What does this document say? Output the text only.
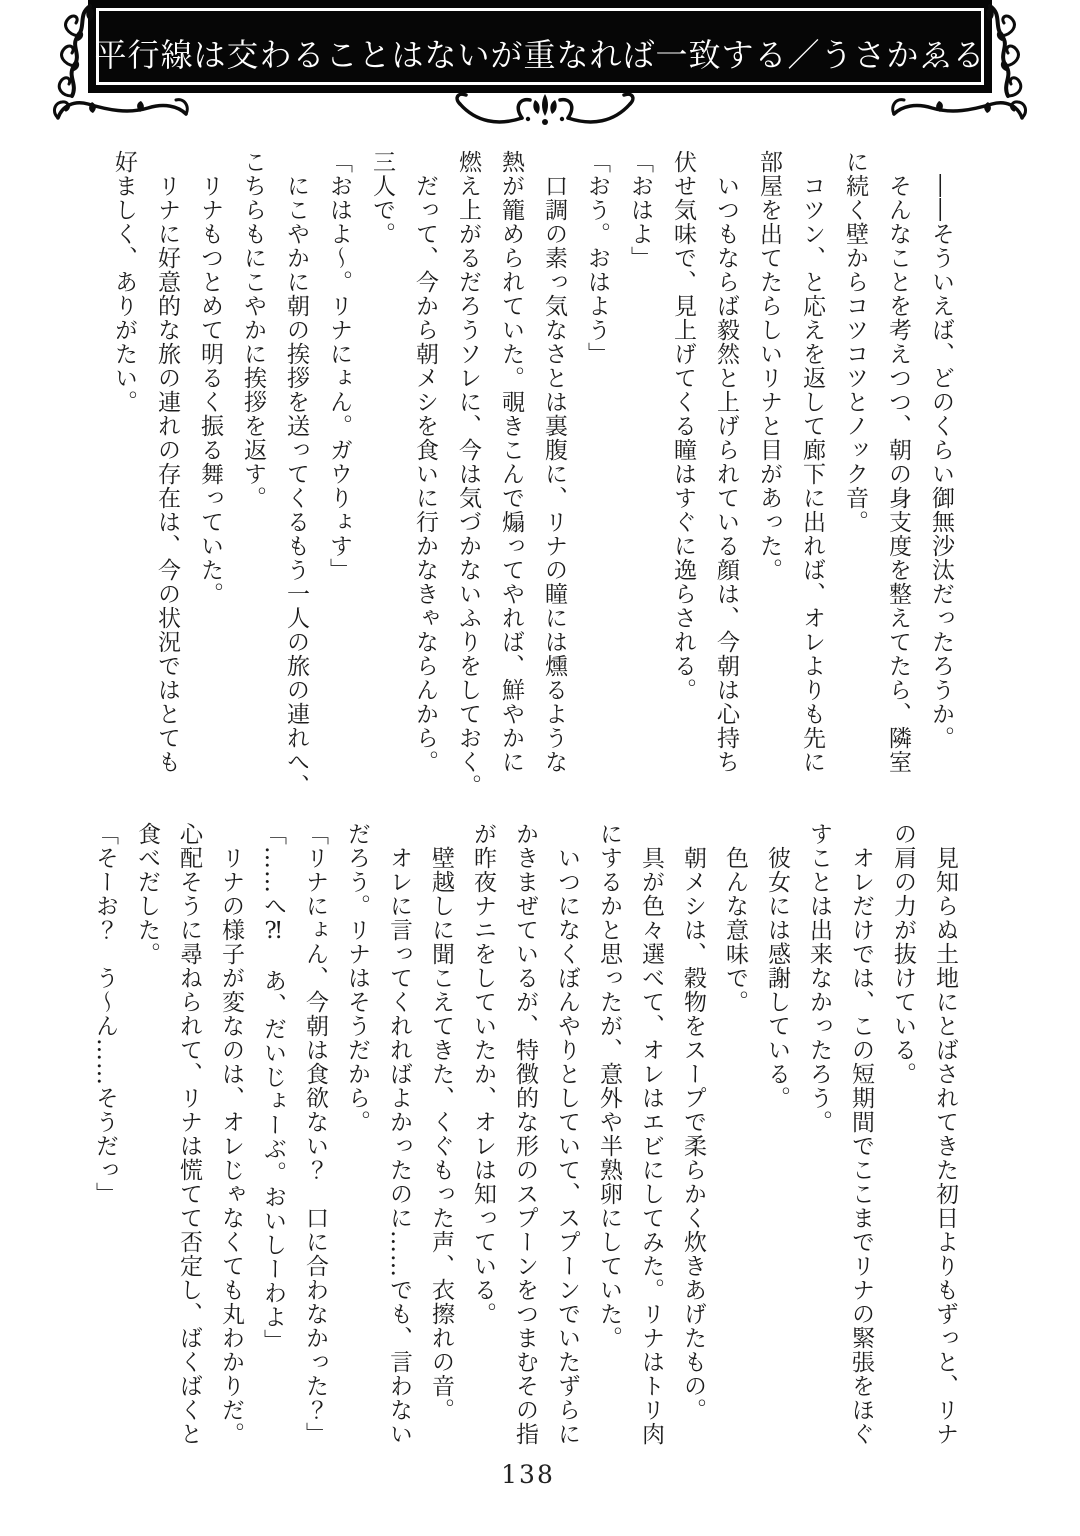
平行線は交わることはないが重なれば一致する／うさかゑる

　――そういえば、どのくらい御無沙汰だったろうか。

　そんなことを考えつつ、朝の身支度を整えてたら、隣室

に続く壁からコツコツとノック音。

　コツン、と応えを返して廊下に出れば、オレよりも先に

部屋を出てたらしいリナと目があった。

　いつもならば毅然と上げられている顔は、今朝は心持ち

伏せ気味で、見上げてくる瞳はすぐに逸らされる。

「おはよ」

「おう。おはよう」

　口調の素っ気なさとは裏腹に、リナの瞳には燻るような

熱が籠められていた。覗きこんで煽ってやれば、鮮やかに

燃え上がるだろうソレに、今は気づかないふりをしておく。

　だって、今から朝メシを食いに行かなきゃならんから。

三人で。

「おはよ～。リナにょん。ガウりょす」

　にこやかに朝の挨拶を送ってくるもう一人の旅の連れへ、

こちらもにこやかに挨拶を返す。

　リナもつとめて明るく振る舞っていた。

　リナに好意的な旅の連れの存在は、今の状況ではとても

好ましく、ありがたい。

　見知らぬ土地にとばされてきた初日よりもずっと、リナ

の肩の力が抜けている。

　オレだけでは、この短期間でここまでリナの緊張をほぐ

すことは出来なかったろう。

　彼女には感謝している。

　色んな意味で。

　朝メシは、穀物をスープで柔らかく炊きあげたもの。

　具が色々選べて、オレはエビにしてみた。リナはトリ肉

にするかと思ったが、意外や半熟卵にしていた。

　いつになくぼんやりとしていて、スプーンでいたずらに

かきまぜているが、特徴的な形のスプーンをつまむその指

が昨夜ナニをしていたか、オレは知っている。

　壁越しに聞こえてきた、くぐもった声、衣擦れの音。

　オレに言ってくれればよかったのに……でも、言わない

だろう。リナはそうだから。

「リナにょん、今朝は食欲ない？　口に合わなかった？」

「……へ⁈　あ、だいじょーぶ。おいしーわよ」

　リナの様子が変なのは、オレじゃなくても丸わかりだ。

心配そうに尋ねられて、リナは慌てて否定し、ばくばくと

食べだした。

「そーお？　う～ん……そうだっ」

138
